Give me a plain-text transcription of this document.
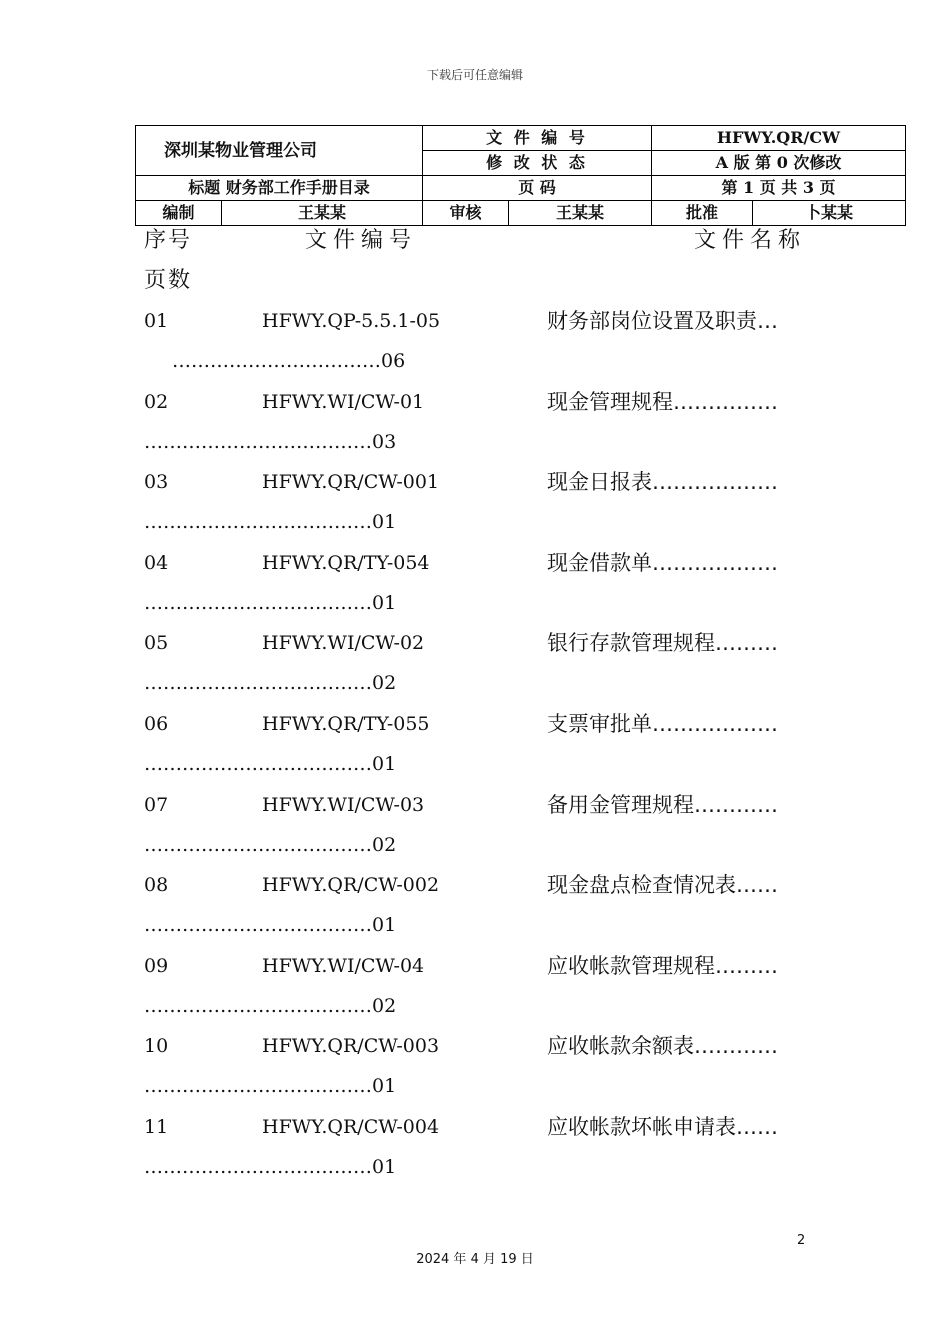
下载后可任意编辑
深圳某物业管理公司		文 件 编 号		HFWY.QR/CW	
		修 改 状 态		A 版 第 0 次修改	
标题 财务部工作手册目录		页 码		第 1 页 共 3 页	
编制	王某某	审核	王某某	批准	卜某某
序号	文件编号	文件名称
页数
01	HFWY.QP-5.5.1-05	财务部岗位设置及职责…
……………………………06
02	HFWY.WI/CW-01	现金管理规程……………
………………………………03
03	HFWY.QR/CW-001	现金日报表………………
………………………………01
04	HFWY.QR/TY-054	现金借款单………………
………………………………01
05	HFWY.WI/CW-02	银行存款管理规程………
………………………………02
06	HFWY.QR/TY-055	支票审批单………………
………………………………01
07	HFWY.WI/CW-03	备用金管理规程…………
………………………………02
08	HFWY.QR/CW-002	现金盘点检查情况表……
………………………………01
09	HFWY.WI/CW-04	应收帐款管理规程………
………………………………02
10	HFWY.QR/CW-003	应收帐款余额表…………
………………………………01
11	HFWY.QR/CW-004	应收帐款坏帐申请表……
………………………………01
2
2024 年 4 月 19 日
